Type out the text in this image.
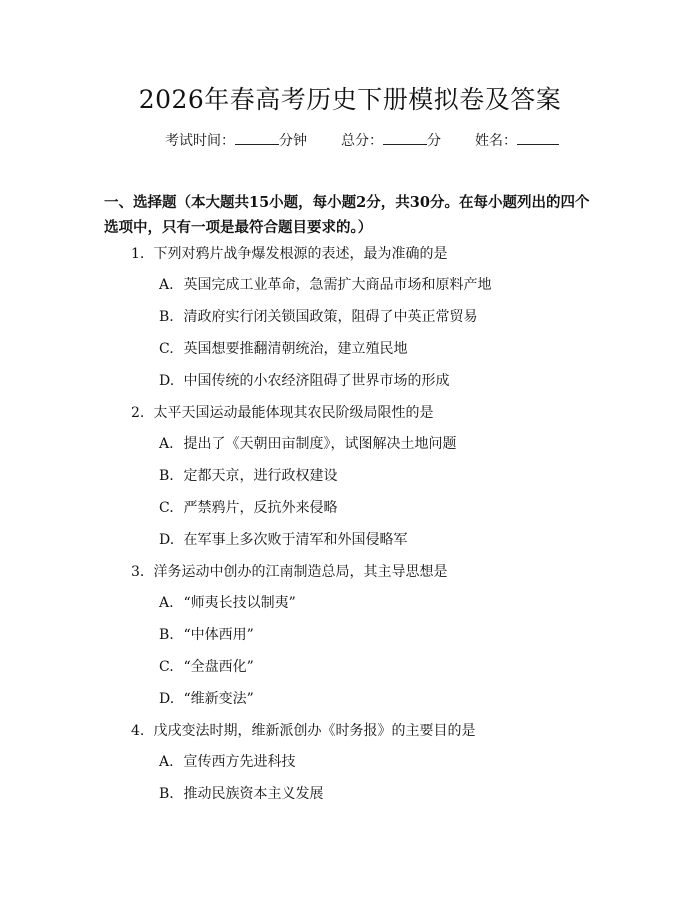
2026年春高考历史下册模拟卷及答案
考试时间：	分钟 总分：	分 姓名：
一、选择题（本大题共15小题，每小题2分，共30分。在每小题列出的四个选项中，只有一项是最符合题目要求的。）
1. 下列对鸦片战争爆发根源的表述，最为准确的是
A. 英国完成工业革命，急需扩大商品市场和原料产地
B. 清政府实行闭关锁国政策，阻碍了中英正常贸易
C. 英国想要推翻清朝统治，建立殖民地
D. 中国传统的小农经济阻碍了世界市场的形成
2. 太平天国运动最能体现其农民阶级局限性的是
A. 提出了《天朝田亩制度》，试图解决土地问题
B. 定都天京，进行政权建设
C. 严禁鸦片，反抗外来侵略
D. 在军事上多次败于清军和外国侵略军
3. 洋务运动中创办的江南制造总局，其主导思想是
A. “师夷长技以制夷”
B. “中体西用”
C. “全盘西化”
D. “维新变法”
4. 戊戌变法时期，维新派创办《时务报》的主要目的是
A. 宣传西方先进科技
B. 推动民族资本主义发展
